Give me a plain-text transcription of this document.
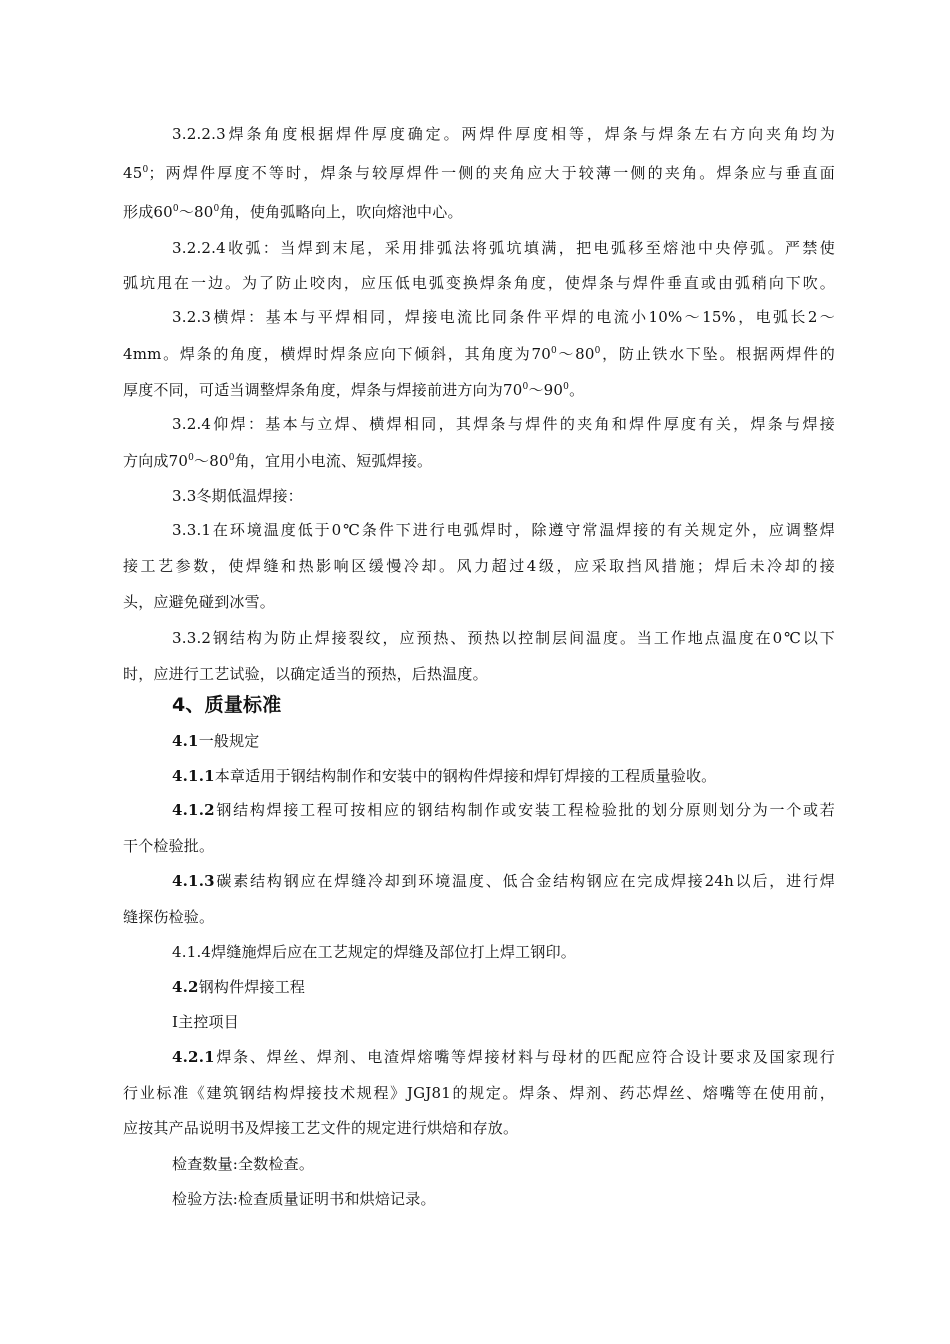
3.2.2.3焊条角度根据焊件厚度确定。两焊件厚度相等，焊条与焊条左右方向夹角均为
$45^0$；两焊件厚度不等时，焊条与较厚焊件一侧的夹角应大于较薄一侧的夹角。焊条应与垂直面
形成$60^0\sim 80^0$角，使角弧略向上，吹向熔池中心。
3.2.2.4收弧：当焊到末尾，采用排弧法将弧坑填满，把电弧移至熔池中央停弧。严禁使
弧坑甩在一边。为了防止咬肉，应压低电弧变换焊条角度，使焊条与焊件垂直或由弧稍向下吹。
3.2.3横焊：基本与平焊相同，焊接电流比同条件平焊的电流小10%～15%，电弧长2～
4mm。焊条的角度，横焊时焊条应向下倾斜，其角度为$70^0\sim 80^0$，防止铁水下坠。根据两焊件的
厚度不同，可适当调整焊条角度，焊条与焊接前进方向为$70^0\sim 90^0$。
3.2.4仰焊：基本与立焊、横焊相同，其焊条与焊件的夹角和焊件厚度有关，焊条与焊接
方向成$70^0\sim 80^0$角，宜用小电流、短弧焊接。
3.3冬期低温焊接：
3.3.1在环境温度低于0℃条件下进行电弧焊时，除遵守常温焊接的有关规定外，应调整焊
接工艺参数，使焊缝和热影响区缓慢冷却。风力超过4级，应采取挡风措施；焊后未冷却的接
头，应避免碰到冰雪。
3.3.2钢结构为防止焊接裂纹，应预热、预热以控制层间温度。当工作地点温度在0℃以下
时，应进行工艺试验，以确定适当的预热，后热温度。
4、质量标准
4.1一般规定
4.1.1本章适用于钢结构制作和安装中的钢构件焊接和焊钉焊接的工程质量验收。
4.1.2钢结构焊接工程可按相应的钢结构制作或安装工程检验批的划分原则划分为一个或若
干个检验批。
4.1.3碳素结构钢应在焊缝冷却到环境温度、低合金结构钢应在完成焊接24h以后，进行焊
缝探伤检验。
4.1.4焊缝施焊后应在工艺规定的焊缝及部位打上焊工钢印。
4.2钢构件焊接工程
I主控项目
4.2.1焊条、焊丝、焊剂、电渣焊熔嘴等焊接材料与母材的匹配应符合设计要求及国家现行
行业标准《建筑钢结构焊接技术规程》JGJ81的规定。焊条、焊剂、药芯焊丝、熔嘴等在使用前，
应按其产品说明书及焊接工艺文件的规定进行烘焙和存放。
检查数量:全数检查。
检验方法:检查质量证明书和烘焙记录。
